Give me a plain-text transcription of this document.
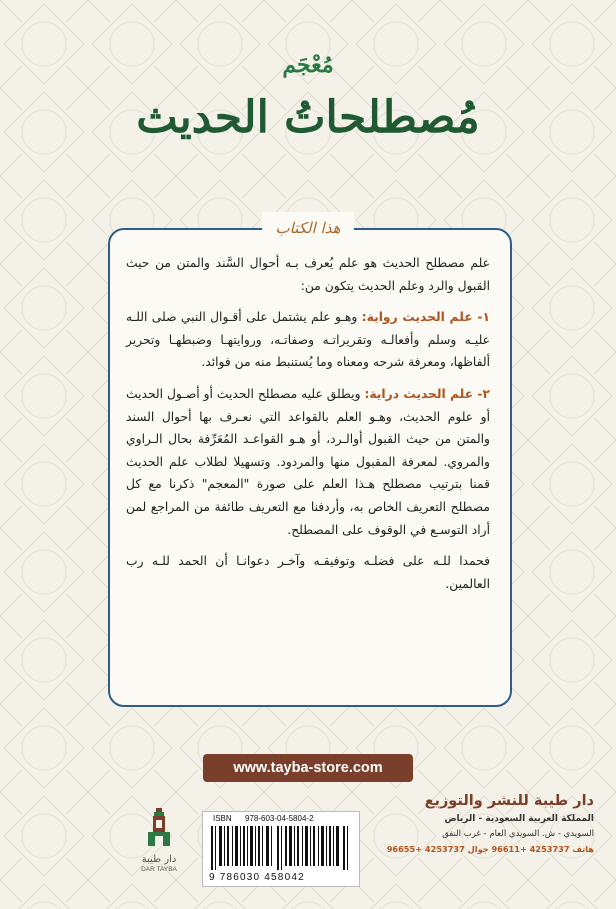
مُعْجَم
مُصطلحاتُ الحديث
هذا الكتاب

علم مصطلح الحديث هو علم يُعرف بـه أحوال السَّند والمتن من حيث القبول والرد وعلم الحديث يتكون من:

١- علم الحديث رواية: وهـو علم يشتمل على أقـوال النبي صلى اللـه عليـه وسلم وأفعالـه وتقريراتـه وصفاتـه، وروايتهـا وضبطهـا وتحرير ألفاظها، ومعرفة شرحه ومعناه وما يُستنبط منه من فوائد.

٢- علم الحديث دراية: ويطلق عليه مصطلح الحديث أو أصـول الحديث أو علوم الحديث، وهـو العلم بالقواعد التي نعـرف بها أحوال السند والمتن من حيث القبول أوالـرد، أو هـو القواعـد المُعَرِّفة بحال الـراوي والمروي. لمعرفة المقبول منها والمردود. وتسهيلا لطلاب علم الحديث قمنا بترتيب مصطلح هـذا العلم على صورة "المعجم" ذكرنا مع كل مصطلح التعريف الخاص به، وأردفنا مع التعريف طائفة من المراجع لمن أراد التوسـع في الوقوف على المصطلح.

فحمدا للـه على فضلـه وتوفيقـه وآخـر دعوانـا أن الحمد للـه رب العالمين.

www.tayba-store.com
دار طيبة للنشر والتوزيع
المملكة العربية السعودية - الرياض
السويدي - ش. السويدي العام - غرب النفق
هاتف 4253737 +96611 جوال 4253737 +96655
ISBN 978-603-04-5804-2
9 786030 458042
دار طيبة
DAR TAYBA
